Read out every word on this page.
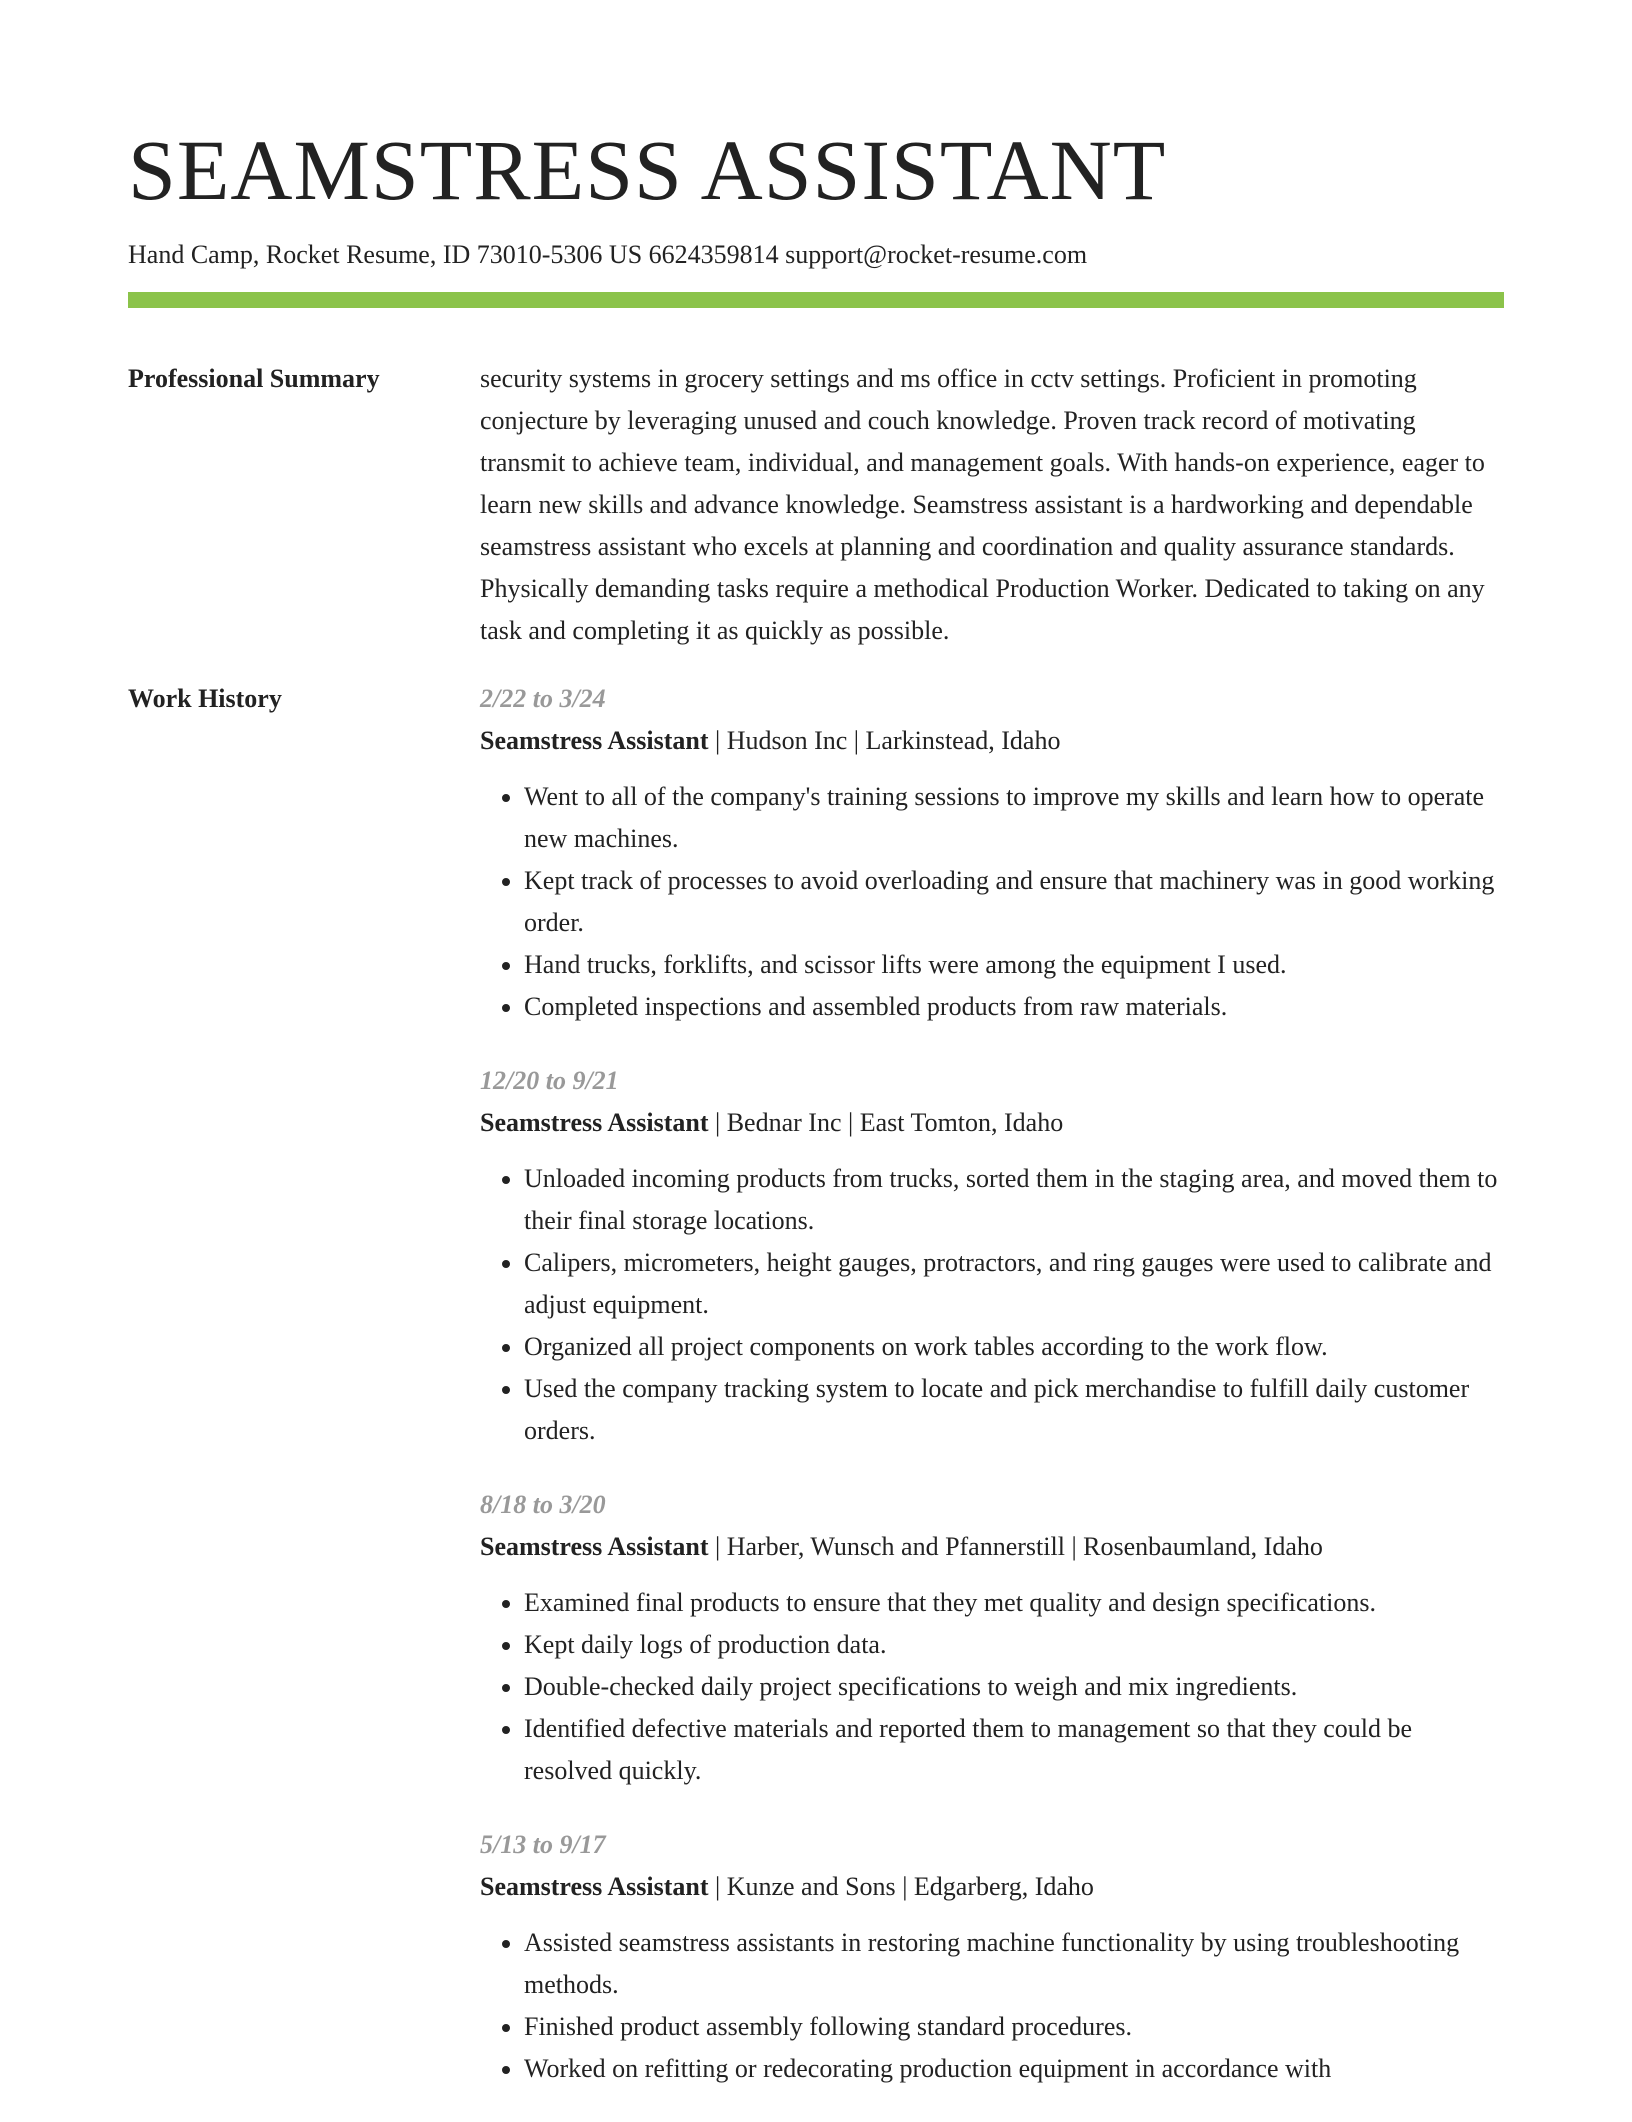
SEAMSTRESS ASSISTANT
Hand Camp, Rocket Resume, ID 73010-5306 US 6624359814 support@rocket-resume.com
Professional Summary	security systems in grocery settings and ms office in cctv settings. Proficient in promoting conjecture by leveraging unused and couch knowledge. Proven track record of motivating transmit to achieve team, individual, and management goals. With hands-on experience, eager to learn new skills and advance knowledge. Seamstress assistant is a hardworking and dependable seamstress assistant who excels at planning and coordination and quality assurance standards. Physically demanding tasks require a methodical Production Worker. Dedicated to taking on any task and completing it as quickly as possible.

Work History	2/22 to 3/24
Seamstress Assistant | Hudson Inc | Larkinstead, Idaho
• Went to all of the company's training sessions to improve my skills and learn how to operate new machines.
• Kept track of processes to avoid overloading and ensure that machinery was in good working order.
• Hand trucks, forklifts, and scissor lifts were among the equipment I used.
• Completed inspections and assembled products from raw materials.
12/20 to 9/21
Seamstress Assistant | Bednar Inc | East Tomton, Idaho
• Unloaded incoming products from trucks, sorted them in the staging area, and moved them to their final storage locations.
• Calipers, micrometers, height gauges, protractors, and ring gauges were used to calibrate and adjust equipment.
• Organized all project components on work tables according to the work flow.
• Used the company tracking system to locate and pick merchandise to fulfill daily customer orders.
8/18 to 3/20
Seamstress Assistant | Harber, Wunsch and Pfannerstill | Rosenbaumland, Idaho
• Examined final products to ensure that they met quality and design specifications.
• Kept daily logs of production data.
• Double-checked daily project specifications to weigh and mix ingredients.
• Identified defective materials and reported them to management so that they could be resolved quickly.
5/13 to 9/17
Seamstress Assistant | Kunze and Sons | Edgarberg, Idaho
• Assisted seamstress assistants in restoring machine functionality by using troubleshooting methods.
• Finished product assembly following standard procedures.
• Worked on refitting or redecorating production equipment in accordance with
